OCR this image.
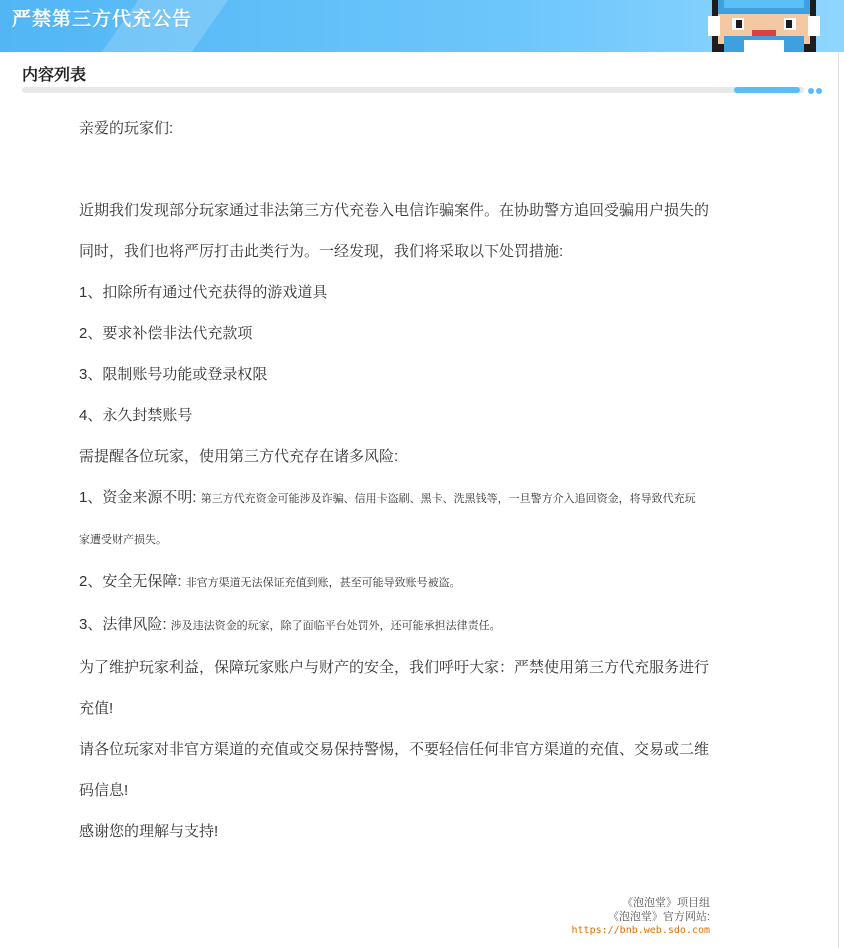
严禁第三方代充公告
内容列表

亲爱的玩家们:

近期我们发现部分玩家通过非法第三方代充卷入电信诈骗案件。在协助警方追回受骗用户损失的

同时，我们也将严厉打击此类行为。一经发现，我们将采取以下处罚措施:

1、扣除所有通过代充获得的游戏道具

2、要求补偿非法代充款项

3、限制账号功能或登录权限

4、永久封禁账号

需提醒各位玩家，使用第三方代充存在诸多风险:

1、资金来源不明: 第三方代充资金可能涉及诈骗、信用卡盗刷、黑卡、洗黑钱等，一旦警方介入追回资金，将导致代充玩

家遭受财产损失。

2、安全无保障: 非官方渠道无法保证充值到账，甚至可能导致账号被盗。

3、法律风险: 涉及违法资金的玩家，除了面临平台处罚外，还可能承担法律责任。

为了维护玩家利益，保障玩家账户与财产的安全，我们呼吁大家：严禁使用第三方代充服务进行

充值!

请各位玩家对非官方渠道的充值或交易保持警惕，不要轻信任何非官方渠道的充值、交易或二维

码信息!

感谢您的理解与支持!

《泡泡堂》项目组
《泡泡堂》官方网站:
https://bnb.web.sdo.com
